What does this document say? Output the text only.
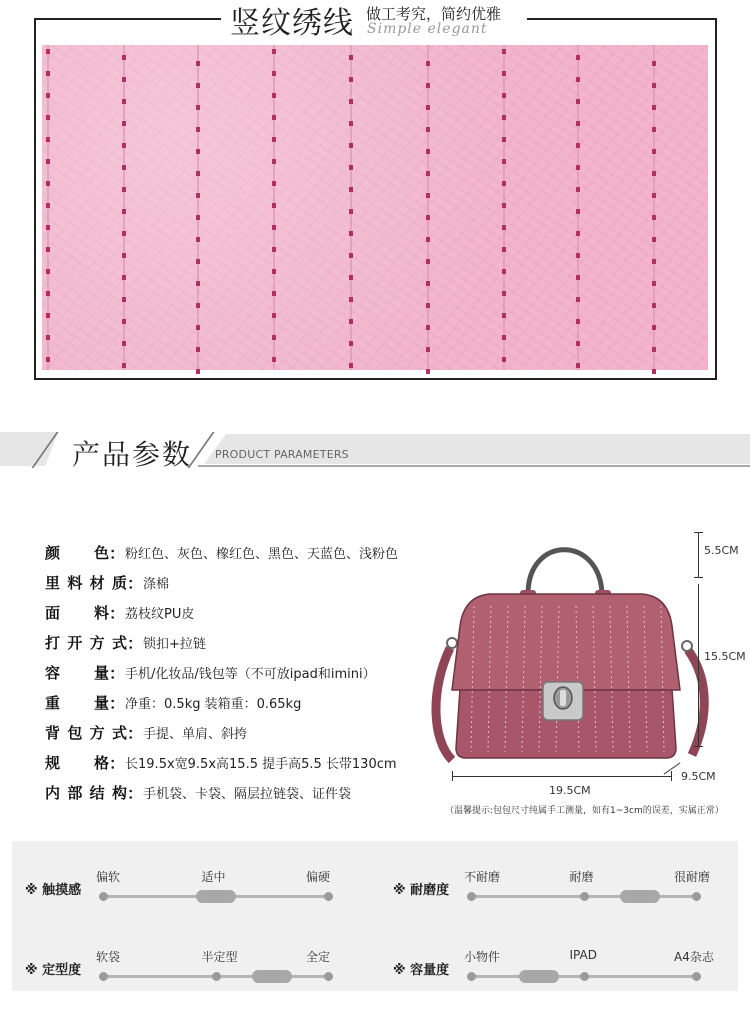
竖纹绣线 做工考究，简约优雅
Simple elegant
产品参数 PRODUCT PARAMETERS
颜 色 ： 粉红色、灰色、橡红色、黑色、天蓝色、浅粉色
里 料 材 质 ： 涤棉
面 料 ： 荔枝纹PU皮
打 开 方 式 ： 锁扣+拉链
容 量 ： 手机/化妆品/钱包等（不可放ipad和imini）
重 量 ： 净重：0.5kg 装箱重：0.65kg
背 包 方 式 ： 手提、单肩、斜挎
规 格 ： 长19.5x宽9.5x高15.5 提手高5.5 长带130cm
内 部 结 构 ： 手机袋、卡袋、隔层拉链袋、证件袋
5.5CM
15.5CM
19.5CM
9.5CM
（温馨提示:包包尺寸纯属手工测量，如有1~3cm的误差，实属正常）
※ 触摸感
偏软	适中	偏硬
※ 耐磨度
不耐磨	耐磨	很耐磨
※ 定型度
软袋	半定型	全定
※ 容量度
小物件	IPAD	A4杂志
